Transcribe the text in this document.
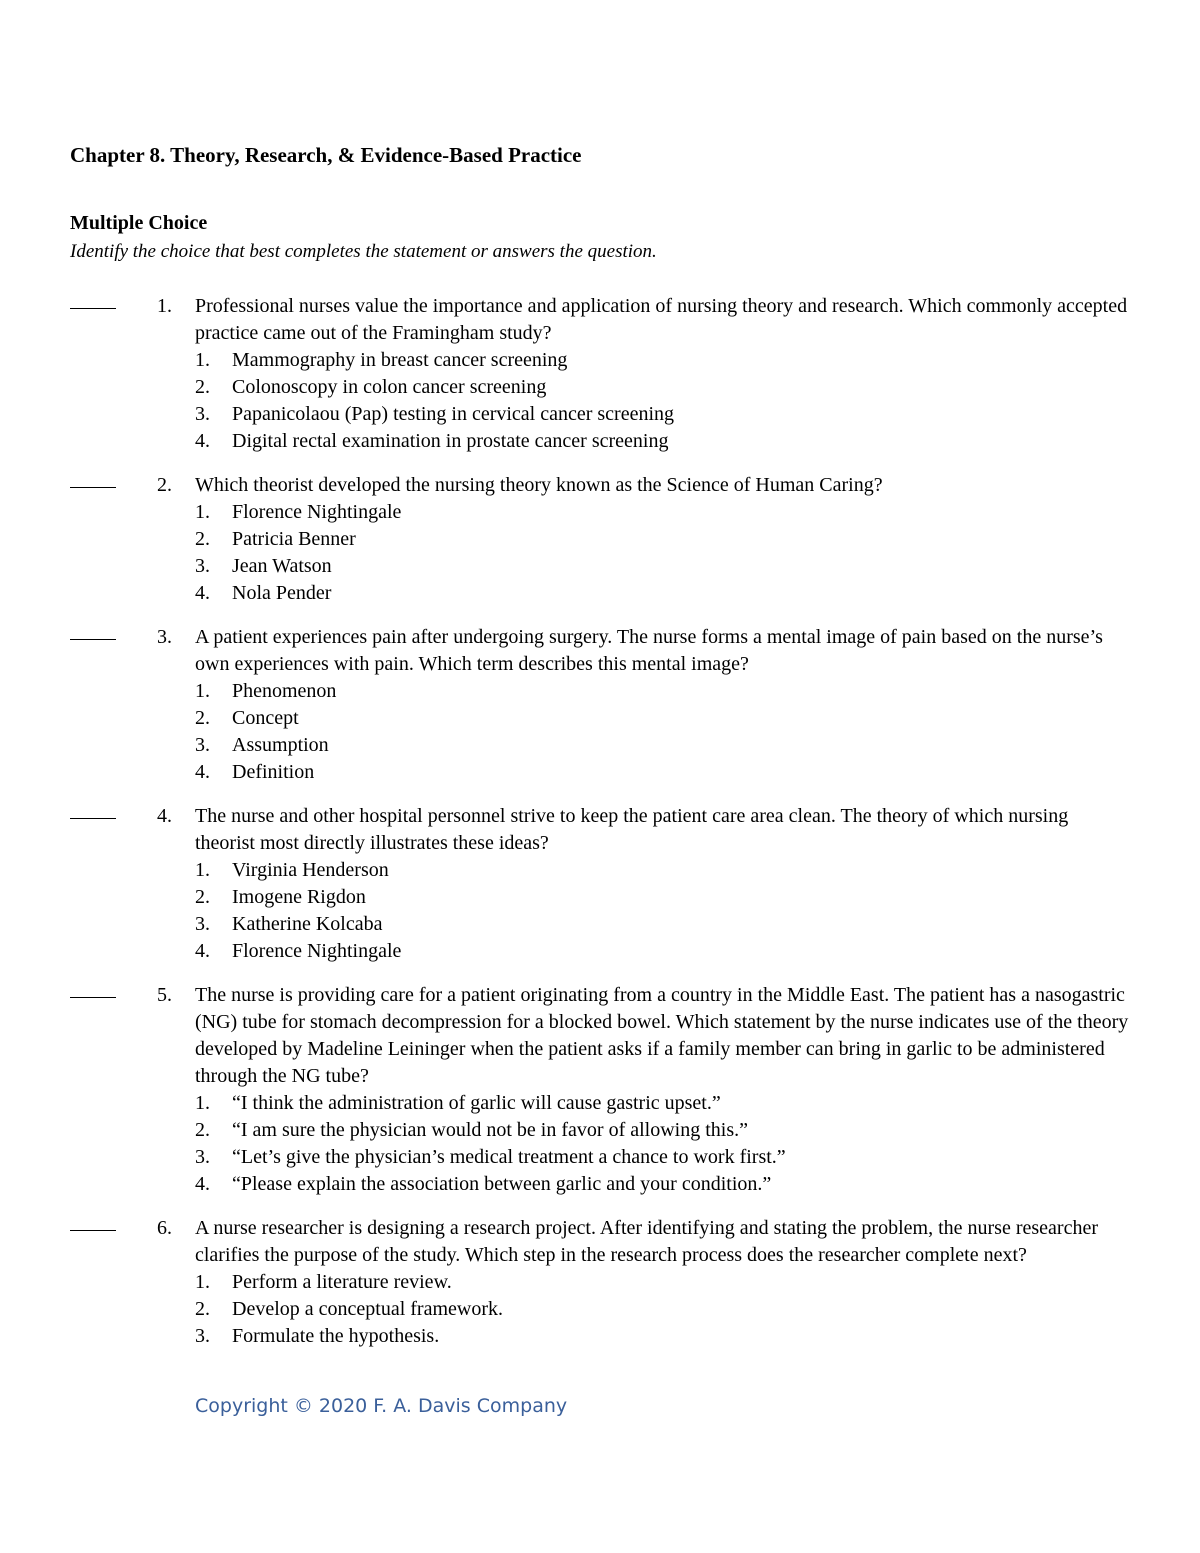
Chapter 8. Theory, Research, & Evidence-Based Practice
Multiple Choice
Identify the choice that best completes the statement or answers the question.
1.	Professional nurses value the importance and application of nursing theory and research. Which commonly accepted practice came out of the Framingham study?
1. Mammography in breast cancer screening
2. Colonoscopy in colon cancer screening
3. Papanicolaou (Pap) testing in cervical cancer screening
4. Digital rectal examination in prostate cancer screening
2.	Which theorist developed the nursing theory known as the Science of Human Caring?
1. Florence Nightingale
2. Patricia Benner
3. Jean Watson
4. Nola Pender
3.	A patient experiences pain after undergoing surgery. The nurse forms a mental image of pain based on the nurse’s own experiences with pain. Which term describes this mental image?
1. Phenomenon
2. Concept
3. Assumption
4. Definition
4.	The nurse and other hospital personnel strive to keep the patient care area clean. The theory of which nursing theorist most directly illustrates these ideas?
1. Virginia Henderson
2. Imogene Rigdon
3. Katherine Kolcaba
4. Florence Nightingale
5.	The nurse is providing care for a patient originating from a country in the Middle East. The patient has a nasogastric (NG) tube for stomach decompression for a blocked bowel. Which statement by the nurse indicates use of the theory developed by Madeline Leininger when the patient asks if a family member can bring in garlic to be administered through the NG tube?
1. “I think the administration of garlic will cause gastric upset.”
2. “I am sure the physician would not be in favor of allowing this.”
3. “Let’s give the physician’s medical treatment a chance to work first.”
4. “Please explain the association between garlic and your condition.”
6.	A nurse researcher is designing a research project. After identifying and stating the problem, the nurse researcher clarifies the purpose of the study. Which step in the research process does the researcher complete next?
1. Perform a literature review.
2. Develop a conceptual framework.
3. Formulate the hypothesis.
Copyright © 2020 F. A. Davis Company
